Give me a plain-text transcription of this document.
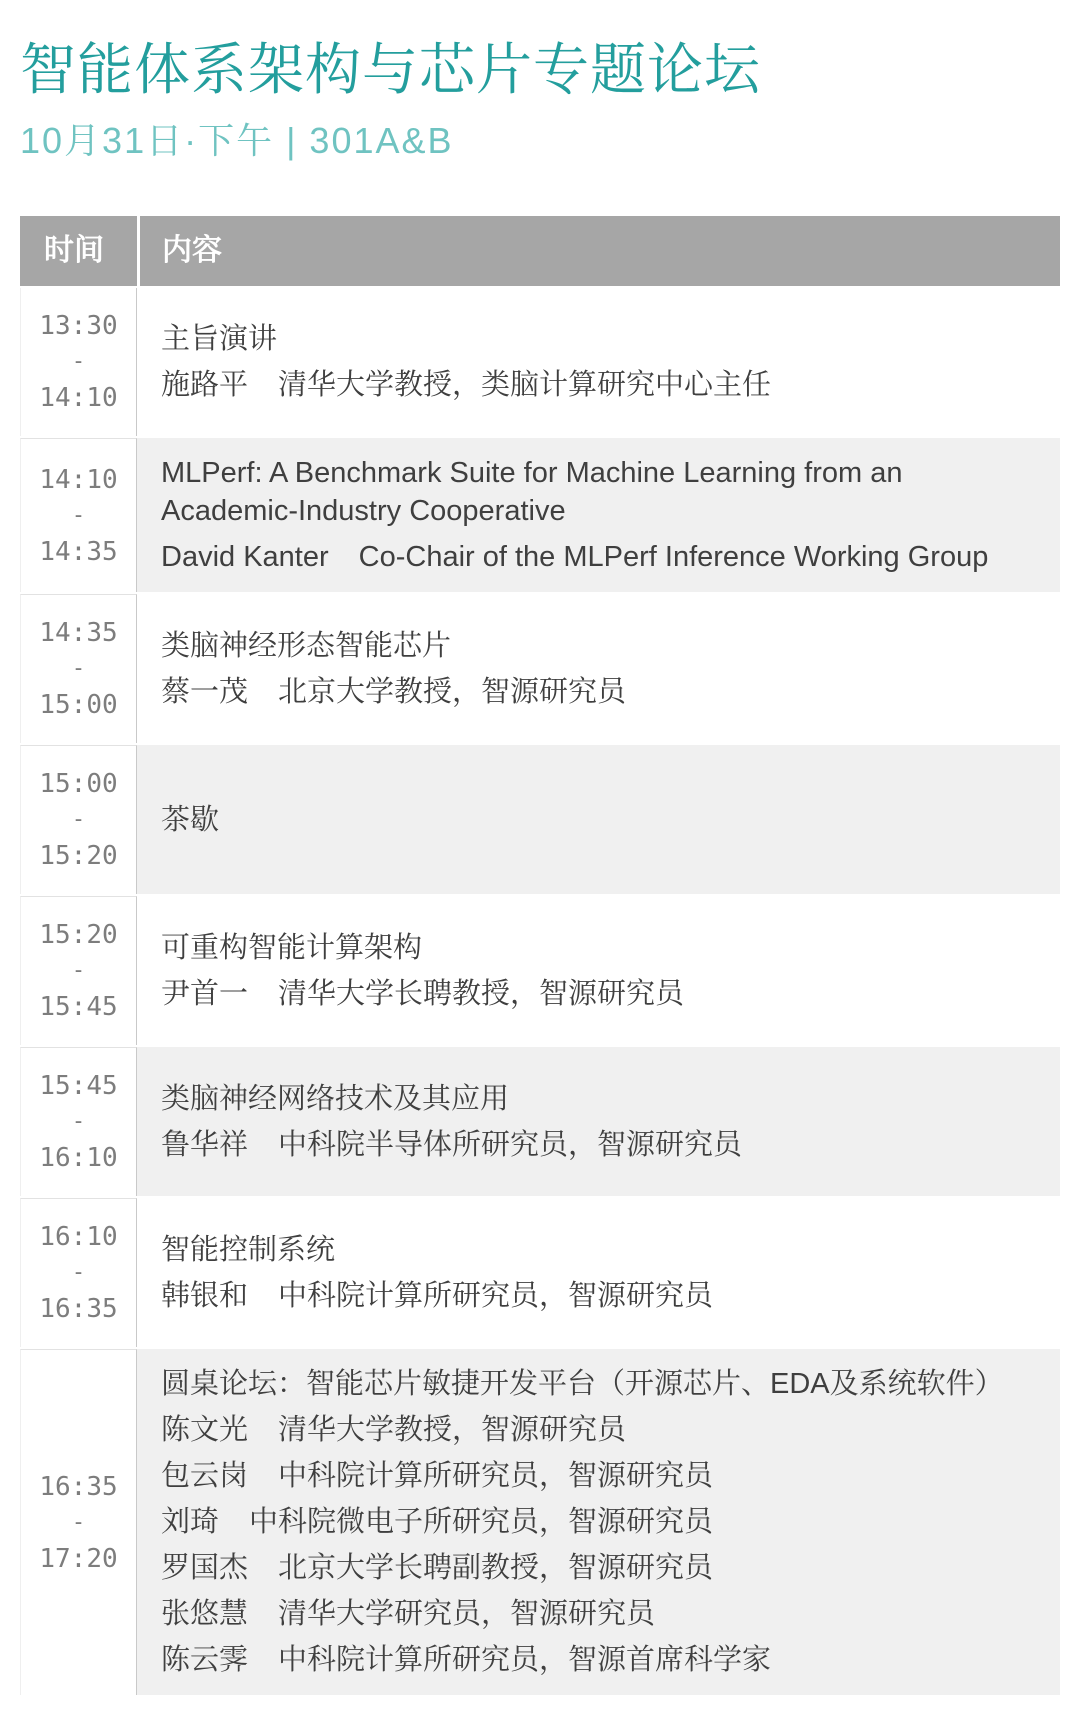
智能体系架构与芯片专题论坛
10月31日·下午 | 301A&B
时间	内容
13:30
-
14:10
主旨演讲
施路平 清华大学教授，类脑计算研究中心主任
14:10
-
14:35
MLPerf: A Benchmark Suite for Machine Learning from an Academic-Industry Cooperative
David Kanter Co-Chair of the MLPerf Inference Working Group
14:35
-
15:00
类脑神经形态智能芯片
蔡一茂 北京大学教授，智源研究员
15:00
-
15:20
茶歇
15:20
-
15:45
可重构智能计算架构
尹首一 清华大学长聘教授，智源研究员
15:45
-
16:10
类脑神经网络技术及其应用
鲁华祥 中科院半导体所研究员，智源研究员
16:10
-
16:35
智能控制系统
韩银和 中科院计算所研究员，智源研究员
16:35
-
17:20
圆桌论坛：智能芯片敏捷开发平台（开源芯片、EDA及系统软件）
陈文光 清华大学教授，智源研究员
包云岗 中科院计算所研究员，智源研究员
刘琦 中科院微电子所研究员，智源研究员
罗国杰 北京大学长聘副教授，智源研究员
张悠慧 清华大学研究员，智源研究员
陈云霁 中科院计算所研究员，智源首席科学家
